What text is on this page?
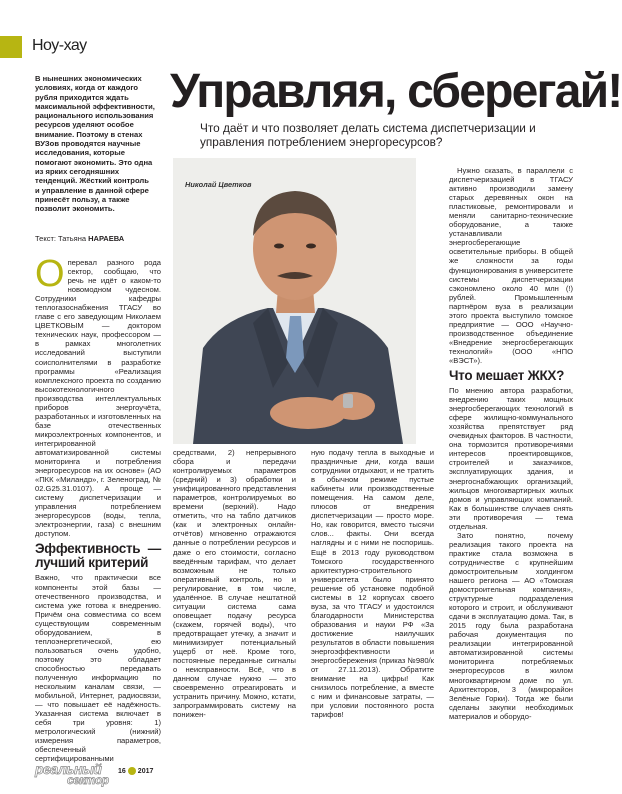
Ноу-хау
В нынешних экономических условиях, когда от каждого рубля приходится ждать максимальной эффективности, рационального использования ресурсов уделяют особое внимание. Поэтому в стенах ВУЗов проводятся научные исследования, которые помогают экономить. Это одна из ярких сегодняшних тенденций. Жёсткий контроль и управление в данной сфере принесёт пользу, а также позволит экономить.
Текст: Татьяна НАРАЕВА
Управляя, сберегай!
Что даёт и что позволяет делать система диспетчеризации и управления потреблением энергоресурсов?
Николай Цветков

Оперевал разного рода сектор, сообщаю, что речь не идёт о каком-то новомодном чудесном. Сотрудники кафедры теплогазоснабжения ТГАСУ во главе с его заведующим Николаем ЦВЕТКОВЫМ — доктором технических наук, профессором — в рамках многолетних исследований выступили соисполнителями в разработке программы «Реализация комплексного проекта по созданию высокотехнологичного производства интеллектуальных приборов энергоучёта, разработанных и изготовленных на базе отечественных микроэлектронных компонентов, и интегрированной автоматизированной системы мониторинга и потребления энергоресурсов на их основе» (АО «ПКК «Миландр», г. Зеленоград, № 02.G25.31.0107). А проще — систему диспетчеризации и управления потреблением энергоресурсов (воды, тепла, электроэнергии, газа) с внешним доступом.

Эффективность — лучший критерий

Важно, что практически все компоненты этой базы — отечественного производства, и система уже готова к внедрению. Причём она совместима со всем существующим современным оборудованием, в теплоэнергетической, ею пользоваться очень удобно, поэтому это обладает способностью передавать полученную информацию по нескольким каналам связи, — мобильной, Интернет, радиосвязи, — что повышает её надёжность. Указанная система включает в себя три уровня: 1) метрологический (нижний) измерения параметров, обеспеченный сертифицированными

средствами, 2) непрерывного сбора и передачи контролируемых параметров (средний) и 3) обработки и унифицированного представления параметров, контролируемых во времени (верхний). Надо отметить, что на табло датчиков (как и электронных онлайн-отчётов) мгновенно отражаются данные о потреблении ресурсов и даже о его стоимости, согласно введённым тарифам, что делает возможным не только оперативный контроль, но и регулирование, в том числе, удалённое. В случае нештатной ситуации система сама оповещает подачу ресурса (скажем, горячей воды), что предотвращает утечку, а значит и минимизирует потенциальный ущерб от неё. Кроме того, постоянные переданные сигналы о неисправности. Всё, что в данном случае нужно — это своевременно отреагировать и устранить причину. Можно, кстати, запрограммировать систему на понижен-

ную подачу тепла в выходные и праздничные дни, когда ваши сотрудники отдыхают, и не тратить в обычном режиме пустые кабинеты или производственные помещения. На самом деле, плюсов от внедрения диспетчеризации — просто море. Но, как говорится, вместо тысячи слов... факты. Они всегда наглядны и с ними не поспоришь. Ещё в 2013 году руководством Томского государственного архитектурно-строительного университета было принято решение об установке подобной системы в 12 корпусах своего вуза, за что ТГАСУ и удостоился благодарности Министерства образования и науки РФ «За достижение наилучших результатов в области повышения энергоэффективности и энергосбережения (приказ №980/к от 27.11.2013). Обратите внимание на цифры! Как снизилось потребление, а вместе с ним и финансовые затраты, — при условии постоянного роста тарифов!

Нужно сказать, в параллели с диспетчеризацией в ТГАСУ активно производили замену старых деревянных окон на пластиковые, ремонтировали и меняли санитарно-технические оборудование, а также устанавливали энергосберегающие осветительные приборы. В общей же сложности за годы функционирования в университете системы диспетчеризации сэкономлено около 40 млн (!) рублей. Промышленным партнёром вуза в реализации этого проекта выступило томское предприятие — ООО «Научно-производственное объединение «Внедрение энергосберегающих технологий» (ООО «НПО «ВЭСТ»).

Что мешает ЖКХ?

По мнению автора разработки, внедрению таких мощных энергосберегающих технологий в сфере жилищно-коммунального хозяйства препятствует ряд очевидных факторов. В частности, она тормозится противоречиями интересов проектировщиков, строителей и заказчиков, эксплуатирующих здания, и энергоснабжающих организаций, жильцов многоквартирных жилых домов и управляющих компаний. Как в большинстве случаев снять эти противоречия — тема отдельная.

Зато понятно, почему реализация такого проекта на практике стала возможна в сотрудничестве с крупнейшим домостроительным холдингом нашего региона — АО «Томская домостроительная компания», структурные подразделения которого и строит, и обслуживают сдачи в эксплуатацию дома. Так, в 2015 году была разработана рабочая документация по реализации интегрированной автоматизированной системы мониторинга потребляемых энергоресурсов в жилом многоквартирном доме по ул. Архитекторов, 3 (микрорайон Зелёные Горки). Тогда же были сделаны закупки необходимых материалов и оборудо-

реальный
сектор
16 2017
